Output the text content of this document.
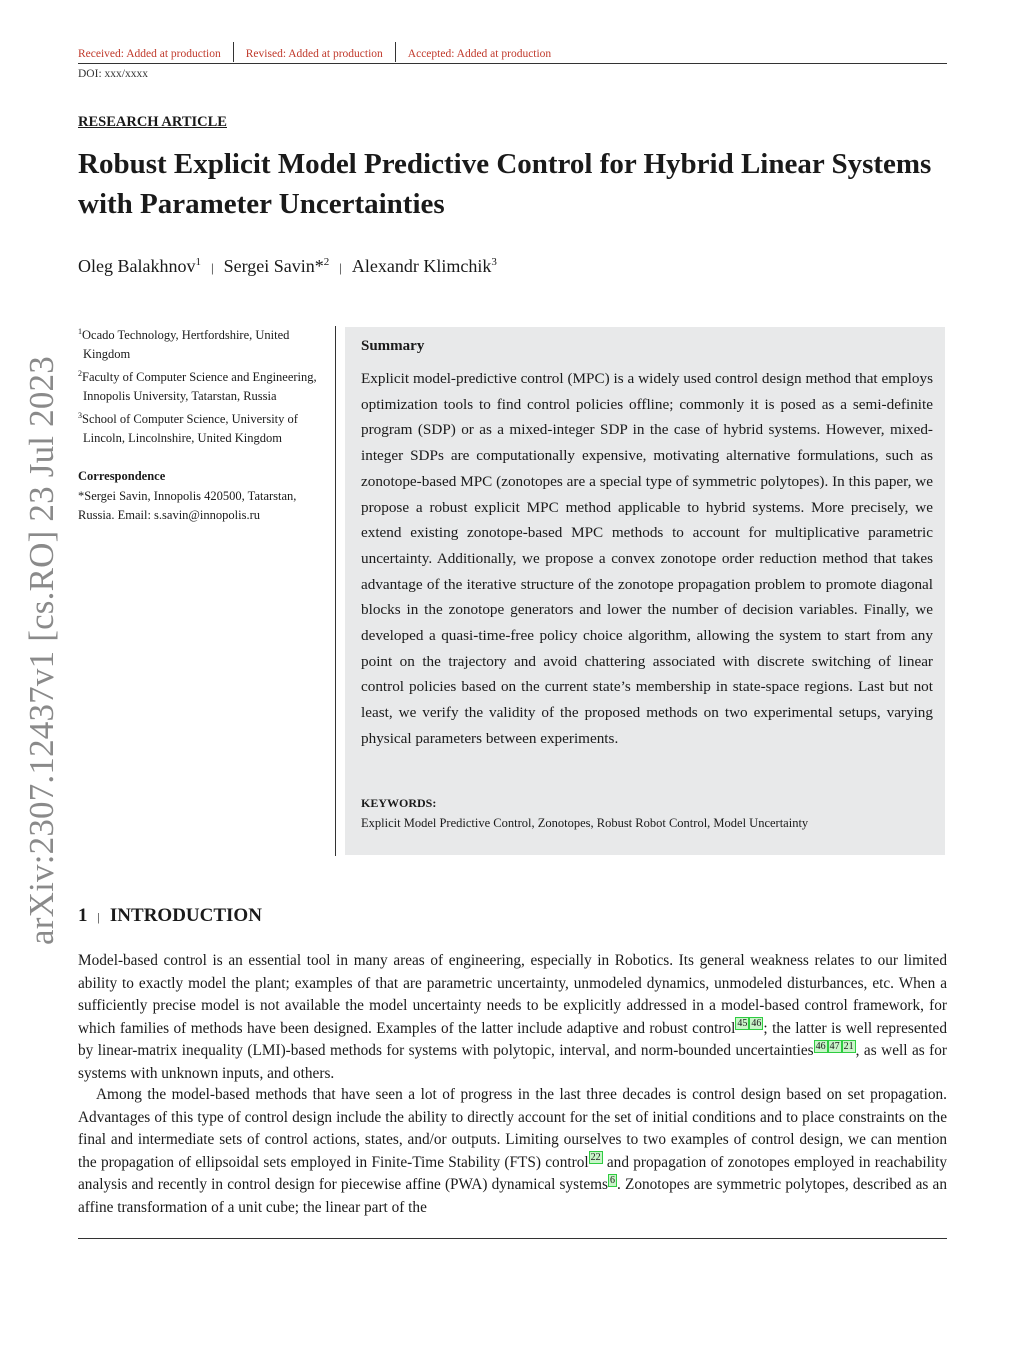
Received: Added at production Revised: Added at production Accepted: Added at production
DOI: xxx/xxxx
RESEARCH ARTICLE
Robust Explicit Model Predictive Control for Hybrid Linear Systems with Parameter Uncertainties
Oleg Balakhnov$^1$ | Sergei Savin*$^2$ | Alexandr Klimchik$^3$

$^1$Ocado Technology, Hertfordshire, United Kingdom

$^2$Faculty of Computer Science and Engineering, Innopolis University, Tatarstan, Russia

$^3$School of Computer Science, University of Lincoln, Lincolnshire, United Kingdom

Correspondence
*Sergei Savin, Innopolis 420500, Tatarstan, Russia. Email: s.savin@innopolis.ru
Summary

Explicit model-predictive control (MPC) is a widely used control design method that employs optimization tools to find control policies offline; commonly it is posed as a semi-definite program (SDP) or as a mixed-integer SDP in the case of hybrid systems. However, mixed-integer SDPs are computationally expensive, motivating alternative formulations, such as zonotope-based MPC (zonotopes are a special type of symmetric polytopes). In this paper, we propose a robust explicit MPC method applicable to hybrid systems. More precisely, we extend existing zonotope-based MPC methods to account for multiplicative parametric uncertainty. Additionally, we propose a convex zonotope order reduction method that takes advantage of the iterative structure of the zonotope propagation problem to promote diagonal blocks in the zonotope generators and lower the number of decision variables. Finally, we developed a quasi-time-free policy choice algorithm, allowing the system to start from any point on the trajectory and avoid chattering associated with discrete switching of linear control policies based on the current state’s membership in state-space regions. Last but not least, we verify the validity of the proposed methods on two experimental setups, varying physical parameters between experiments.

KEYWORDS:
Explicit Model Predictive Control, Zonotopes, Robust Robot Control, Model Uncertainty
arXiv:2307.12437v1 [cs.RO] 23 Jul 2023 1 | INTRODUCTION

Model-based control is an essential tool in many areas of engineering, especially in Robotics. Its general weakness relates to our limited ability to exactly model the plant; examples of that are parametric uncertainty, unmodeled dynamics, unmodeled disturbances, etc. When a sufficiently precise model is not available the model uncertainty needs to be explicitly addressed in a model-based control framework, for which families of methods have been designed. Examples of the latter include adaptive and robust control $^{45}$ $^{46}$ ; the latter is well represented by linear-matrix inequality (LMI)-based methods for systems with polytopic, interval, and norm-bounded uncertainties $^{46}$ $^{47}$ $^{21}$ , as well as for systems with unknown inputs, and others.

Among the model-based methods that have seen a lot of progress in the last three decades is control design based on set propagation. Advantages of this type of control design include the ability to directly account for the set of initial conditions and to place constraints on the final and intermediate sets of control actions, states, and/or outputs. Limiting ourselves to two examples of control design, we can mention the propagation of ellipsoidal sets employed in Finite-Time Stability (FTS) control $^{22}$ and propagation of zonotopes employed in reachability analysis and recently in control design for piecewise affine (PWA) dynamical systems $^6$ . Zonotopes are symmetric polytopes, described as an affine transformation of a unit cube; the linear part of the
